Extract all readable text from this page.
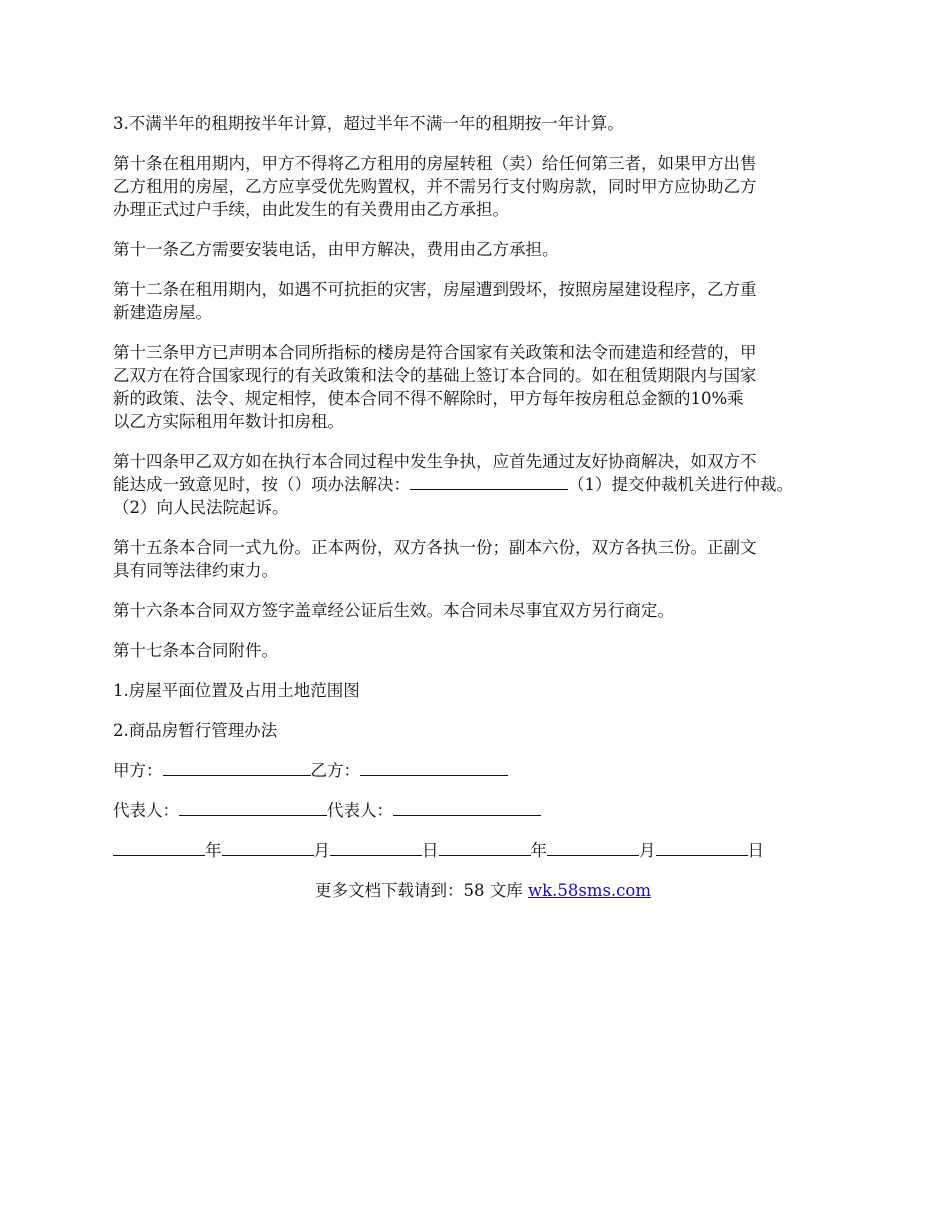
3.不满半年的租期按半年计算，超过半年不满一年的租期按一年计算。
第十条在租用期内，甲方不得将乙方租用的房屋转租（卖）给任何第三者，如果甲方出售
乙方租用的房屋，乙方应享受优先购置权，并不需另行支付购房款，同时甲方应协助乙方
办理正式过户手续，由此发生的有关费用由乙方承担。
第十一条乙方需要安装电话，由甲方解决，费用由乙方承担。
第十二条在租用期内，如遇不可抗拒的灾害，房屋遭到毁坏，按照房屋建设程序，乙方重
新建造房屋。
第十三条甲方已声明本合同所指标的楼房是符合国家有关政策和法令而建造和经营的，甲
乙双方在符合国家现行的有关政策和法令的基础上签订本合同的。如在租赁期限内与国家
新的政策、法令、规定相悖，使本合同不得不解除时，甲方每年按房租总金额的10%乘
以乙方实际租用年数计扣房租。
第十四条甲乙双方如在执行本合同过程中发生争执，应首先通过友好协商解决，如双方不
能达成一致意见时，按（）项办法解决：	（1）提交仲裁机关进行仲裁。
（2）向人民法院起诉。
第十五条本合同一式九份。正本两份，双方各执一份；副本六份，双方各执三份。正副文
具有同等法律约束力。
第十六条本合同双方签字盖章经公证后生效。本合同未尽事宜双方另行商定。
第十七条本合同附件。
1.房屋平面位置及占用土地范围图
2.商品房暂行管理办法
甲方：	乙方：
代表人：	代表人：
年	月	日	年	月	日
更多文档下载请到：58 文库 wk.58sms.com
